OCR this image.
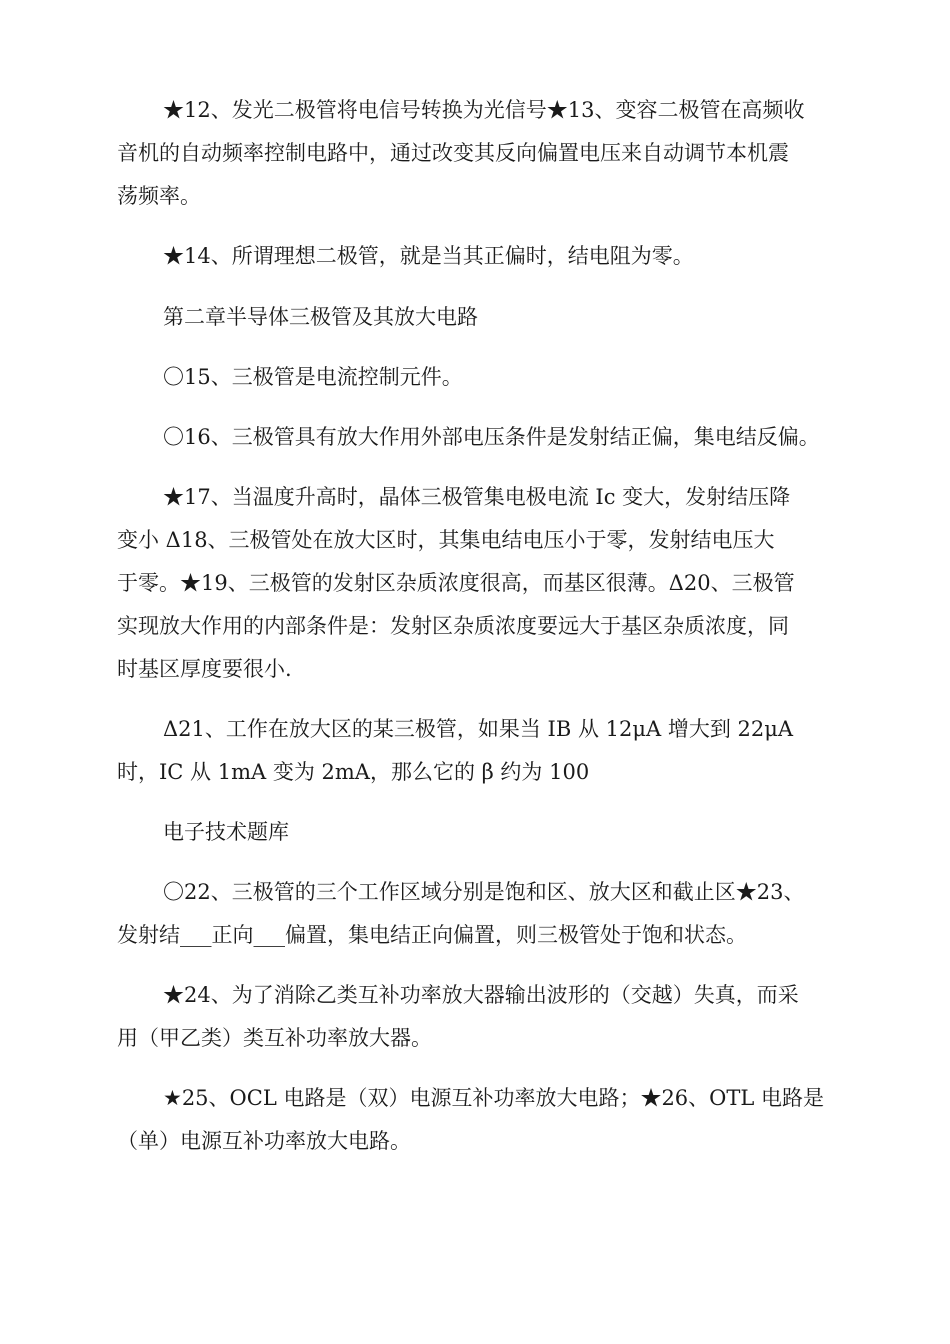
★12、发光二极管将电信号转换为光信号★13、变容二极管在高频收
音机的自动频率控制电路中，通过改变其反向偏置电压来自动调节本机震
荡频率。
★14、所谓理想二极管，就是当其正偏时，结电阻为零。
第二章半导体三极管及其放大电路
〇15、三极管是电流控制元件。
〇16、三极管具有放大作用外部电压条件是发射结正偏，集电结反偏。
★17、当温度升高时，晶体三极管集电极电流 Ic 变大，发射结压降
变小 Δ18、三极管处在放大区时，其集电结电压小于零，发射结电压大
于零。★19、三极管的发射区杂质浓度很高，而基区很薄。Δ20、三极管
实现放大作用的内部条件是：发射区杂质浓度要远大于基区杂质浓度，同
时基区厚度要很小.
Δ21、工作在放大区的某三极管，如果当 IB 从 12μA 增大到 22μA
时，IC 从 1mA 变为 2mA，那么它的 β 约为 100
电子技术题库
〇22、三极管的三个工作区域分别是饱和区、放大区和截止区★23、
发射结___正向___偏置，集电结正向偏置，则三极管处于饱和状态。
★24、为了消除乙类互补功率放大器输出波形的（交越）失真，而采
用（甲乙类）类互补功率放大器。
★25、OCL 电路是（双）电源互补功率放大电路；★26、OTL 电路是
（单）电源互补功率放大电路。
